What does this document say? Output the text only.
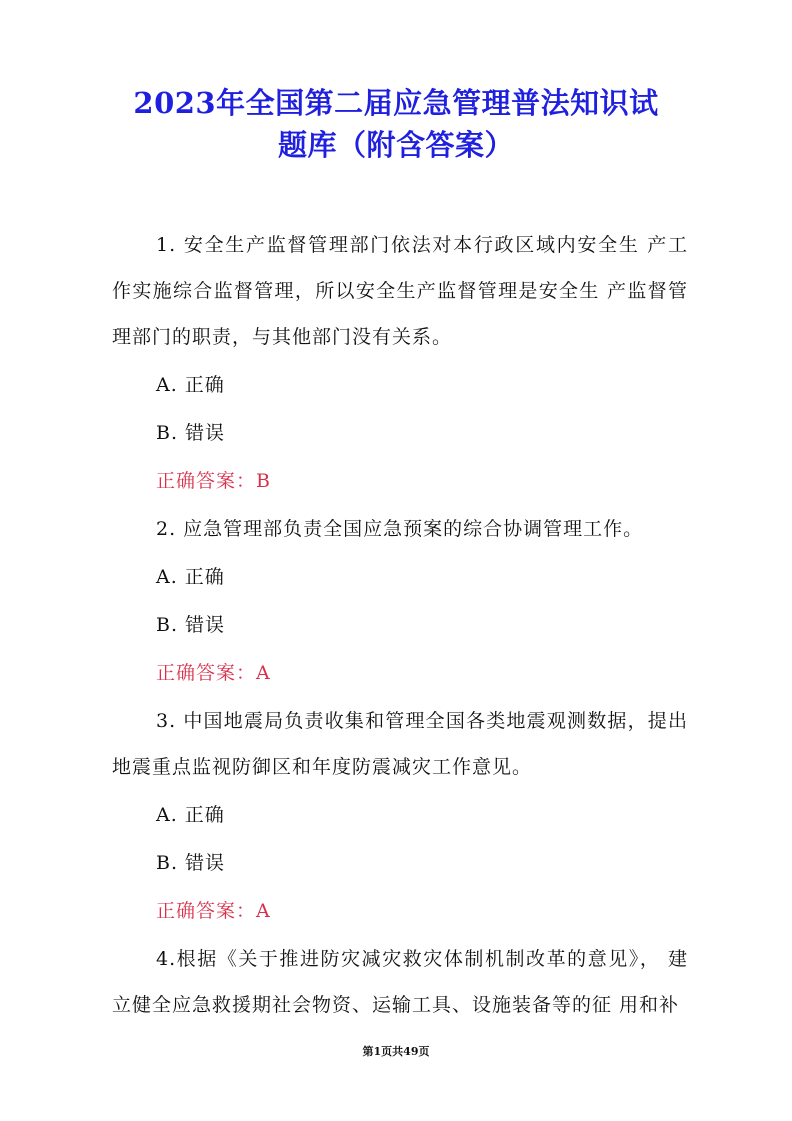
2023年全国第二届应急管理普法知识试
题库（附含答案）

1. 安全生产监督管理部门依法对本行政区域内安全生 产工作实施综合监督管理，所以安全生产监督管理是安全生 产监督管理部门的职责，与其他部门没有关系。

A. 正确

B. 错误

正确答案：B

2. 应急管理部负责全国应急预案的综合协调管理工作。

A. 正确

B. 错误

正确答案：A

3. 中国地震局负责收集和管理全国各类地震观测数据，提出地震重点监视防御区和年度防震减灾工作意见。

A. 正确

B. 错误

正确答案：A

4.根据《关于推进防灾减灾救灾体制机制改革的意见》， 建立健全应急救援期社会物资、运输工具、设施装备等的征 用和补

第1页共49页
